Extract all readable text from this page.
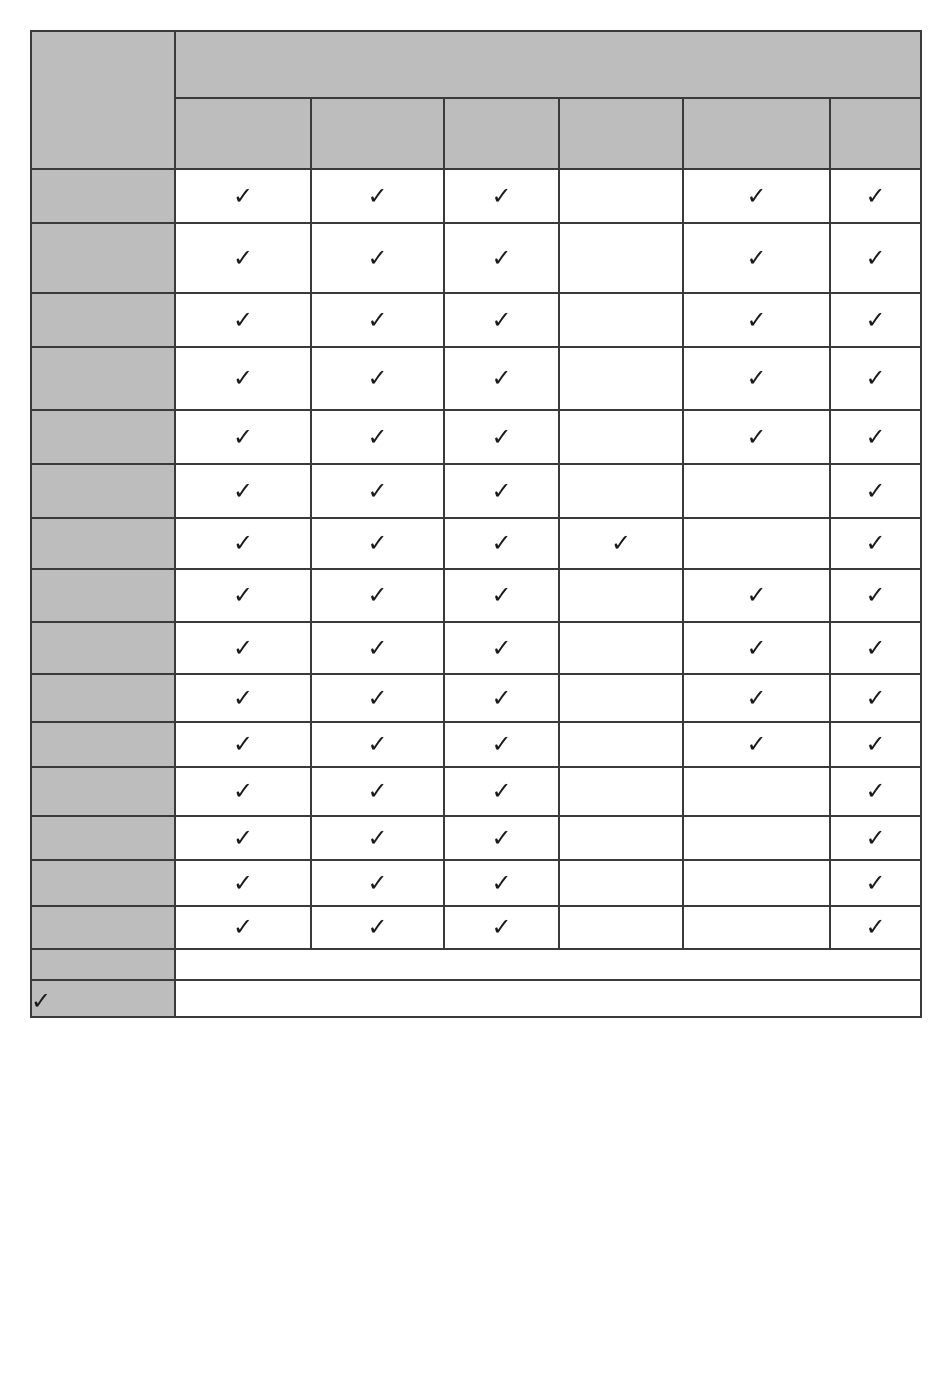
	✓	✓	✓		✓	✓
	✓	✓	✓		✓	✓
	✓	✓	✓		✓	✓
	✓	✓	✓		✓	✓
	✓	✓	✓		✓	✓
	✓	✓	✓			✓
	✓	✓	✓	✓		✓
	✓	✓	✓		✓	✓
	✓	✓	✓		✓	✓
	✓	✓	✓		✓	✓
	✓	✓	✓		✓	✓
	✓	✓	✓			✓
	✓	✓	✓			✓
	✓	✓	✓			✓
	✓	✓	✓			✓

✓						
